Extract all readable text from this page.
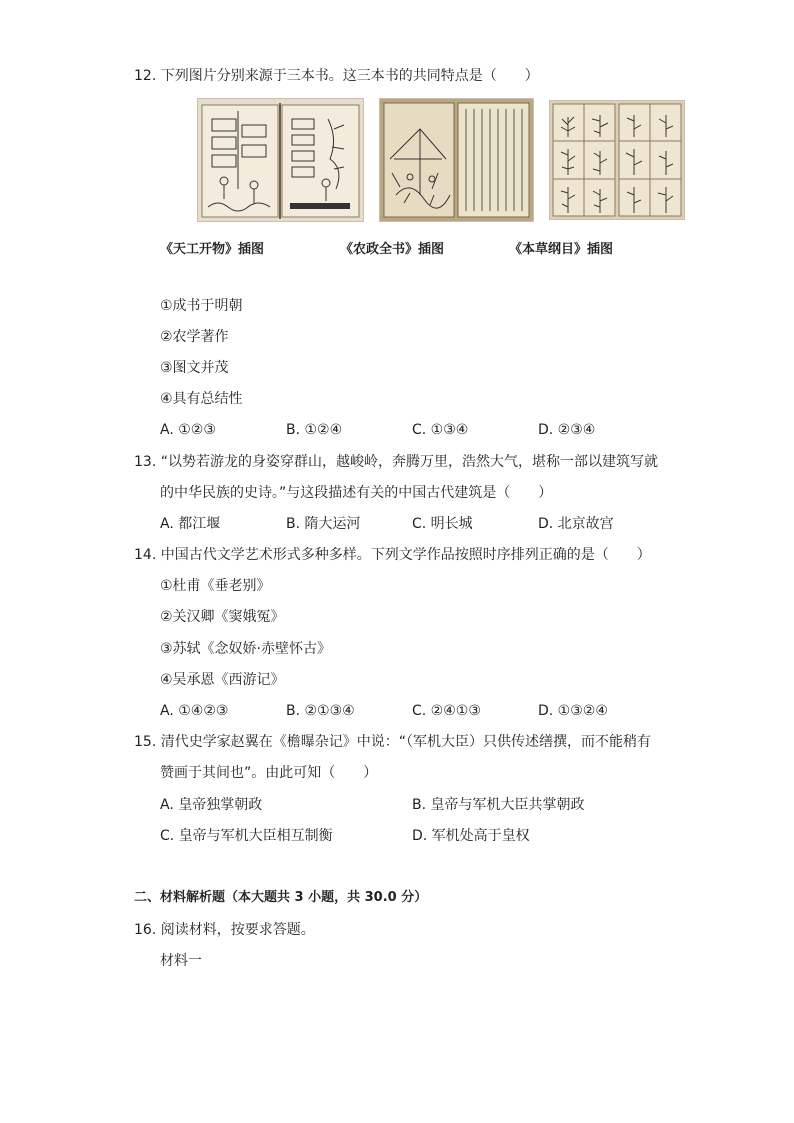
12. 下列图片分别来源于三本书。这三本书的共同特点是（　　）
《天工开物》插图	《农政全书》插图	《本草纲目》插图
①成书于明朝
②农学著作
③图文并茂
④具有总结性
A. ①②③	B. ①②④	C. ①③④	D. ②③④
13. “以势若游龙的身姿穿群山，越峻岭，奔腾万里，浩然大气，堪称一部以建筑写就
的中华民族的史诗。”与这段描述有关的中国古代建筑是（　　）
A. 都江堰	B. 隋大运河	C. 明长城	D. 北京故宫
14. 中国古代文学艺术形式多种多样。下列文学作品按照时序排列正确的是（　　）
①杜甫《垂老别》
②关汉卿《窦娥冤》
③苏轼《念奴娇·赤壁怀古》
④吴承恩《西游记》
A. ①④②③	B. ②①③④	C. ②④①③	D. ①③②④
15. 清代史学家赵翼在《檐曝杂记》中说：“（军机大臣）只供传述缮撰，而不能稍有
赞画于其间也”。由此可知（　　）
A. 皇帝独掌朝政	B. 皇帝与军机大臣共掌朝政
C. 皇帝与军机大臣相互制衡	D. 军机处高于皇权
二、材料解析题（本大题共 3 小题，共 30.0 分）
16. 阅读材料，按要求答题。
材料一
